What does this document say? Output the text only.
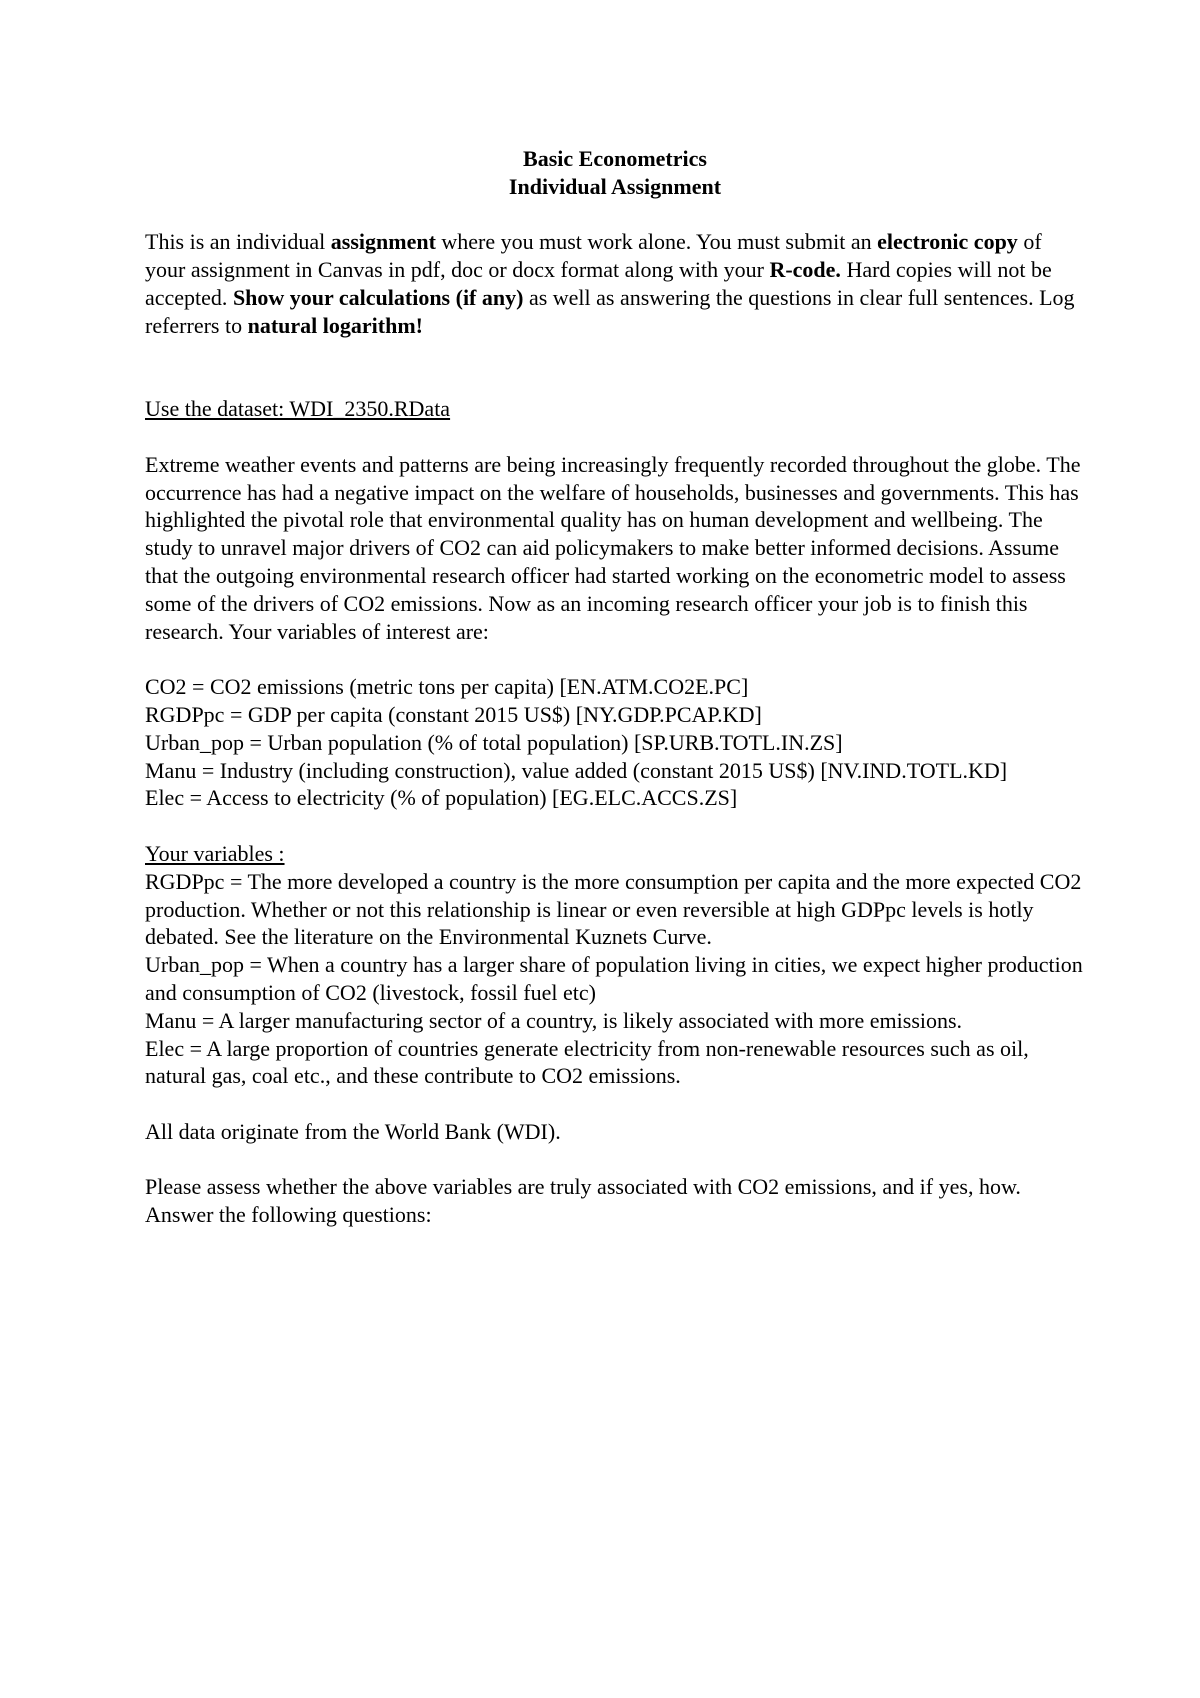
Basic Econometrics

Individual Assignment

This is an individual assignment where you must work alone. You must submit an electronic copy of your assignment in Canvas in pdf, doc or docx format along with your R-code. Hard copies will not be accepted. Show your calculations (if any) as well as answering the questions in clear full sentences. Log referrers to natural logarithm!

Use the dataset: WDI_2350.RData

Extreme weather events and patterns are being increasingly frequently recorded throughout the globe. The occurrence has had a negative impact on the welfare of households, businesses and governments. This has highlighted the pivotal role that environmental quality has on human development and wellbeing. The study to unravel major drivers of CO2 can aid policymakers to make better informed decisions. Assume that the outgoing environmental research officer had started working on the econometric model to assess some of the drivers of CO2 emissions. Now as an incoming research officer your job is to finish this research. Your variables of interest are:

CO2 = CO2 emissions (metric tons per capita) [EN.ATM.CO2E.PC]

RGDPpc = GDP per capita (constant 2015 US$) [NY.GDP.PCAP.KD]

Urban_pop = Urban population (% of total population) [SP.URB.TOTL.IN.ZS]

Manu = Industry (including construction), value added (constant 2015 US$) [NV.IND.TOTL.KD]

Elec = Access to electricity (% of population) [EG.ELC.ACCS.ZS]

Your variables :

RGDPpc = The more developed a country is the more consumption per capita and the more expected CO2 production. Whether or not this relationship is linear or even reversible at high GDPpc levels is hotly debated. See the literature on the Environmental Kuznets Curve.

Urban_pop = When a country has a larger share of population living in cities, we expect higher production and consumption of CO2 (livestock, fossil fuel etc)

Manu = A larger manufacturing sector of a country, is likely associated with more emissions.

Elec = A large proportion of countries generate electricity from non-renewable resources such as oil, natural gas, coal etc., and these contribute to CO2 emissions.

All data originate from the World Bank (WDI).

Please assess whether the above variables are truly associated with CO2 emissions, and if yes, how. Answer the following questions:
